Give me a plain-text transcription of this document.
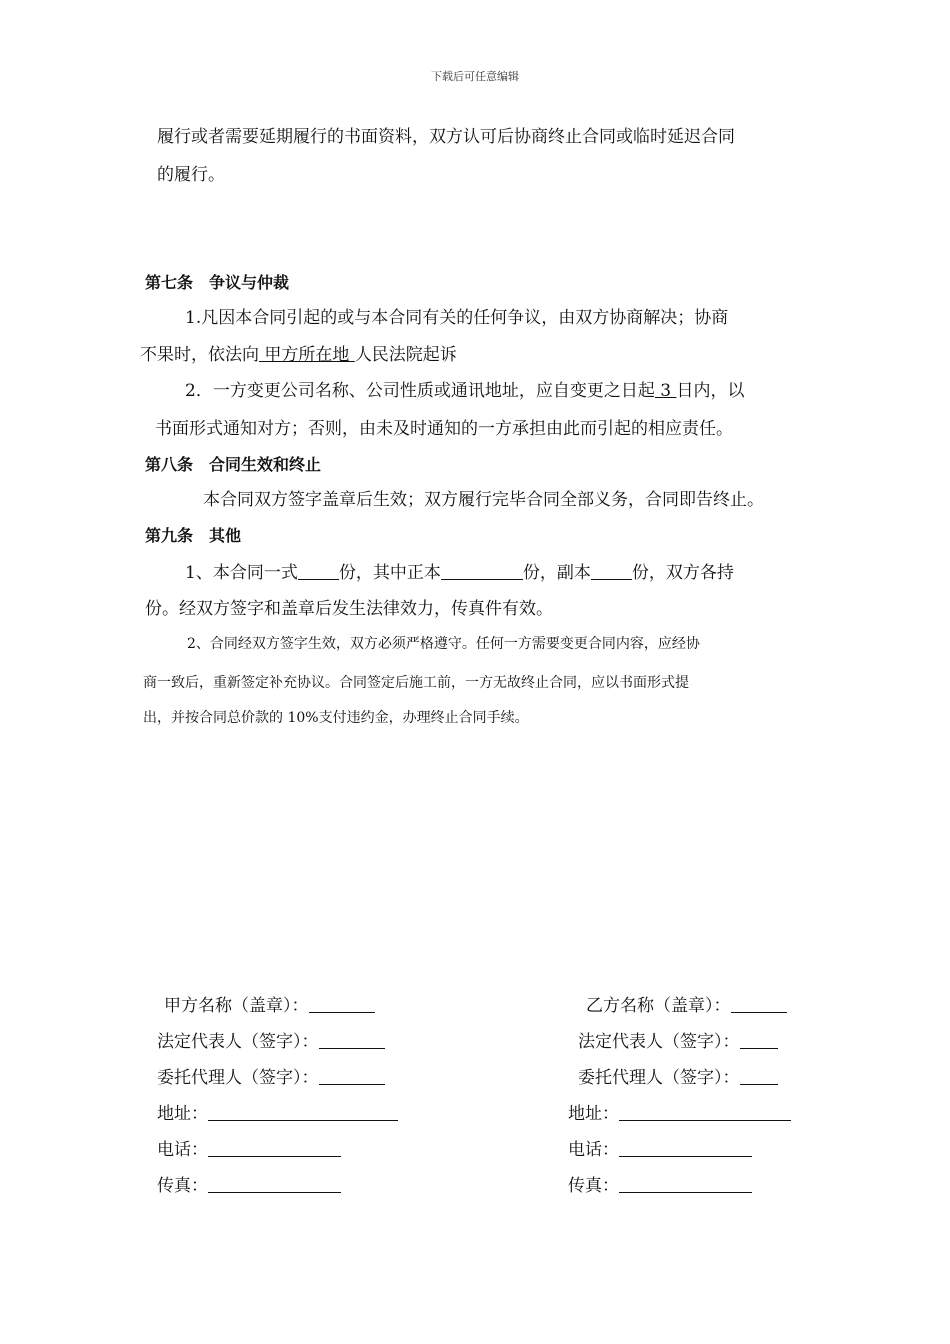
下载后可任意编辑
履行或者需要延期履行的书面资料，双方认可后协商终止合同或临时延迟合同
的履行。
第七条　争议与仲裁
1.凡因本合同引起的或与本合同有关的任何争议，由双方协商解决；协商
不果时，依法向 甲方所在地 人民法院起诉
2．一方变更公司名称、公司性质或通讯地址，应自变更之日起 3 日内，以
书面形式通知对方；否则，由未及时通知的一方承担由此而引起的相应责任。
第八条　合同生效和终止
本合同双方签字盖章后生效；双方履行完毕合同全部义务，合同即告终止。
第九条　其他
1、本合同一式 份，其中正本	份，副本 份，双方各持
份。经双方签字和盖章后发生法律效力，传真件有效。
2、合同经双方签字生效，双方必须严格遵守。任何一方需要变更合同内容，应经协
商一致后，重新签定补充协议。合同签定后施工前，一方无故终止合同，应以书面形式提
出，并按合同总价款的 10%支付违约金，办理终止合同手续。
甲方名称（盖章）：
法定代表人（签字）：
委托代理人（签字）：
地址：
电话：
传真：
乙方名称（盖章）：
法定代表人（签字）：
委托代理人（签字）：
地址：
电话：
传真：
